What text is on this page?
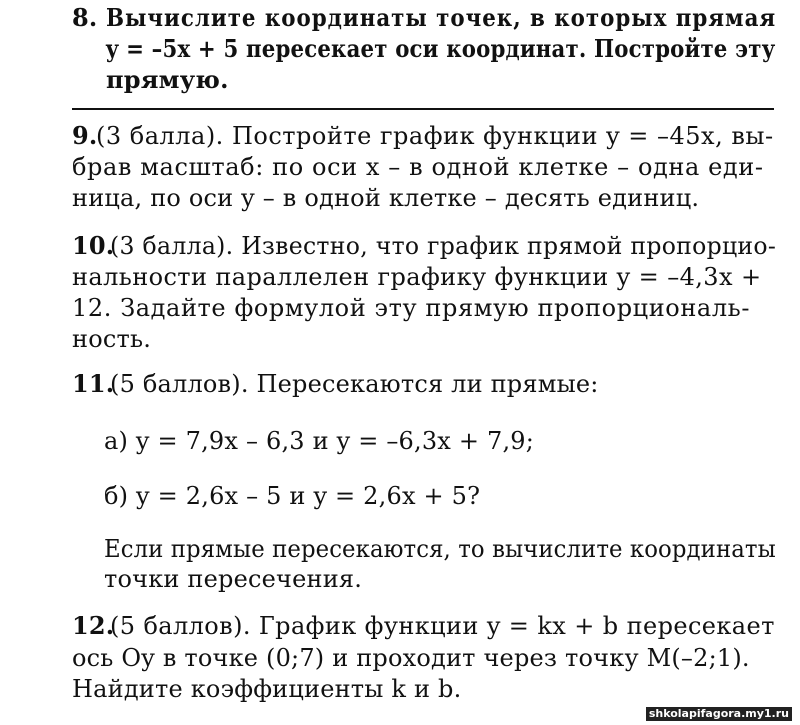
8. Вычислите координаты точек, в которых прямая
y = –5x + 5 пересекает оси координат. Постройте эту
прямую.
9.
(3 балла). Постройте график функции y = –45x, вы-
брав масштаб: по оси x – в одной клетке – одна еди-
ница, по оси y – в одной клетке – десять единиц.
10.
(3 балла). Известно, что график прямой пропорцио-
нальности параллелен графику функции y = –4,3x +
12. Задайте формулой эту прямую пропорциональ-
ность.
11.
(5 баллов). Пересекаются ли прямые:
а) y = 7,9x – 6,3 и y = –6,3x + 7,9;
б) y = 2,6x – 5 и y = 2,6x + 5?
Если прямые пересекаются, то вычислите координаты
точки пересечения.
12.
(5 баллов). График функции y = kx + b пересекает
ось Oy в точке (0;7) и проходит через точку M(–2;1).
Найдите коэффициенты k и b.
shkolapifagora.my1.ru
